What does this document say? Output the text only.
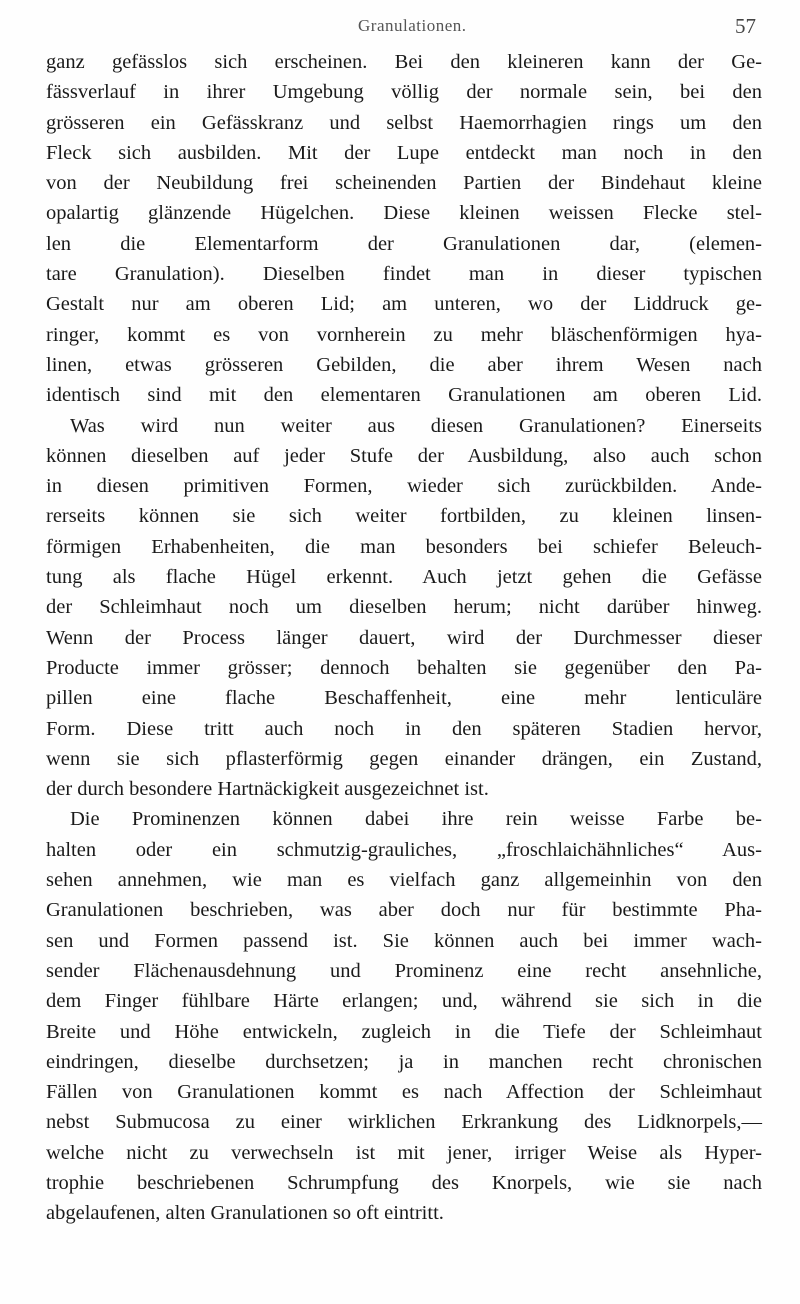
Granulationen.	57
ganz gefässlos sich erscheinen. Bei den kleineren kann der Ge-
fässverlauf in ihrer Umgebung völlig der normale sein, bei den
grösseren ein Gefässkranz und selbst Haemorrhagien rings um den
Fleck sich ausbilden. Mit der Lupe entdeckt man noch in den
von der Neubildung frei scheinenden Partien der Bindehaut kleine
opalartig glänzende Hügelchen. Diese kleinen weissen Flecke stel-
len die Elementarform der Granulationen dar, (elemen-
tare Granulation). Dieselben findet man in dieser typischen
Gestalt nur am oberen Lid; am unteren, wo der Liddruck ge-
ringer, kommt es von vornherein zu mehr bläschenförmigen hya-
linen, etwas grösseren Gebilden, die aber ihrem Wesen nach
identisch sind mit den elementaren Granulationen am oberen Lid.
Was wird nun weiter aus diesen Granulationen? Einerseits
können dieselben auf jeder Stufe der Ausbildung, also auch schon
in diesen primitiven Formen, wieder sich zurückbilden. Ande-
rerseits können sie sich weiter fortbilden, zu kleinen linsen-
förmigen Erhabenheiten, die man besonders bei schiefer Beleuch-
tung als flache Hügel erkennt. Auch jetzt gehen die Gefässe
der Schleimhaut noch um dieselben herum; nicht darüber hinweg.
Wenn der Process länger dauert, wird der Durchmesser dieser
Producte immer grösser; dennoch behalten sie gegenüber den Pa-
pillen eine flache Beschaffenheit, eine mehr lenticuläre
Form. Diese tritt auch noch in den späteren Stadien hervor,
wenn sie sich pflasterförmig gegen einander drängen, ein Zustand,
der durch besondere Hartnäckigkeit ausgezeichnet ist.
Die Prominenzen können dabei ihre rein weisse Farbe be-
halten oder ein schmutzig-grauliches, „froschlaichähnliches“ Aus-
sehen annehmen, wie man es vielfach ganz allgemeinhin von den
Granulationen beschrieben, was aber doch nur für bestimmte Pha-
sen und Formen passend ist. Sie können auch bei immer wach-
sender Flächenausdehnung und Prominenz eine recht ansehnliche,
dem Finger fühlbare Härte erlangen; und, während sie sich in die
Breite und Höhe entwickeln, zugleich in die Tiefe der Schleimhaut
eindringen, dieselbe durchsetzen; ja in manchen recht chronischen
Fällen von Granulationen kommt es nach Affection der Schleimhaut
nebst Submucosa zu einer wirklichen Erkrankung des Lidknorpels,—
welche nicht zu verwechseln ist mit jener, irriger Weise als Hyper-
trophie beschriebenen Schrumpfung des Knorpels, wie sie nach
abgelaufenen, alten Granulationen so oft eintritt.
